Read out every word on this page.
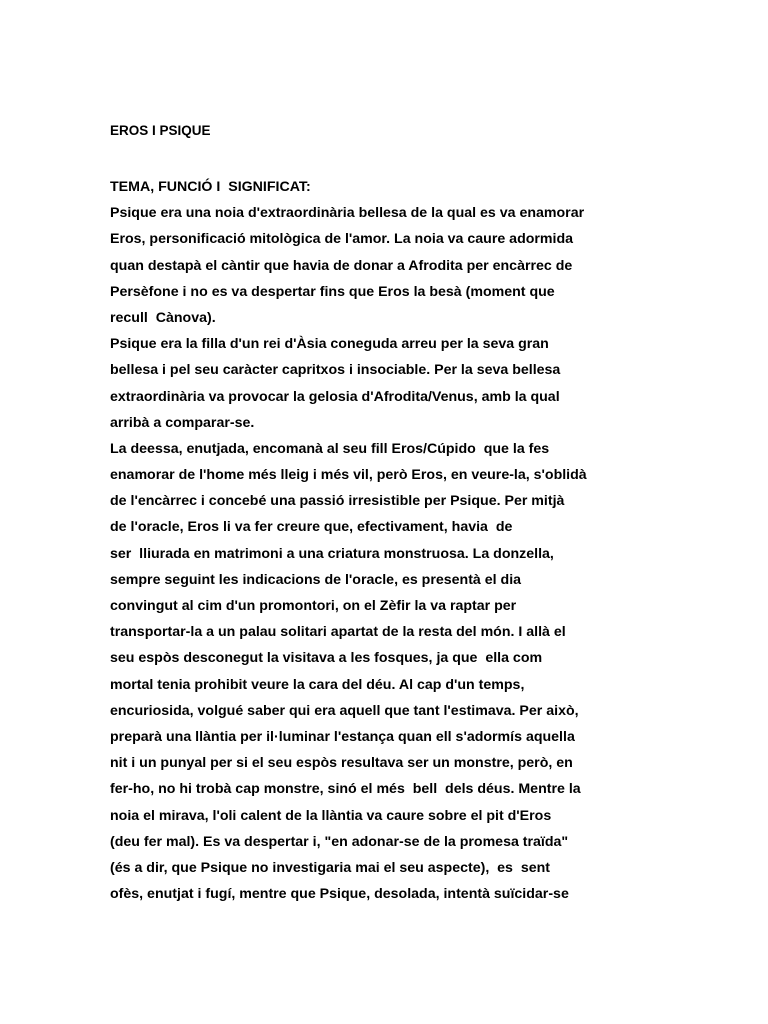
EROS I PSIQUE
TEMA, FUNCIÓ I  SIGNIFICAT:
Psique era una noia d'extraordinària bellesa de la qual es va enamorar
Eros, personificació mitològica de l'amor. La noia va caure adormida
quan destapà el càntir que havia de donar a Afrodita per encàrrec de
Persèfone i no es va despertar fins que Eros la besà (moment que
recull  Cànova).
Psique era la filla d'un rei d'Àsia coneguda arreu per la seva gran
bellesa i pel seu caràcter capritxos i insociable. Per la seva bellesa
extraordinària va provocar la gelosia d'Afrodita/Venus, amb la qual
arribà a comparar-se.
La deessa, enutjada, encomanà al seu fill Eros/Cúpido  que la fes
enamorar de l'home més lleig i més vil, però Eros, en veure-la, s'oblidà
de l'encàrrec i concebé una passió irresistible per Psique. Per mitjà
de l'oracle, Eros li va fer creure que, efectivament, havia  de
ser  lliurada en matrimoni a una criatura monstruosa. La donzella,
sempre seguint les indicacions de l'oracle, es presentà el dia
convingut al cim d'un promontori, on el Zèfir la va raptar per
transportar-la a un palau solitari apartat de la resta del món. I allà el
seu espòs desconegut la visitava a les fosques, ja que  ella com
mortal tenia prohibit veure la cara del déu. Al cap d'un temps,
encuriosida, volgué saber qui era aquell que tant l'estimava. Per això,
preparà una llàntia per il·luminar l'estança quan ell s'adormís aquella
nit i un punyal per si el seu espòs resultava ser un monstre, però, en
fer-ho, no hi trobà cap monstre, sinó el més  bell  dels déus. Mentre la
noia el mirava, l'oli calent de la llàntia va caure sobre el pit d'Eros
(deu fer mal). Es va despertar i, "en adonar-se de la promesa traïda"
(és a dir, que Psique no investigaria mai el seu aspecte),  es  sent
ofès, enutjat i fugí, mentre que Psique, desolada, intentà suïcidar-se
